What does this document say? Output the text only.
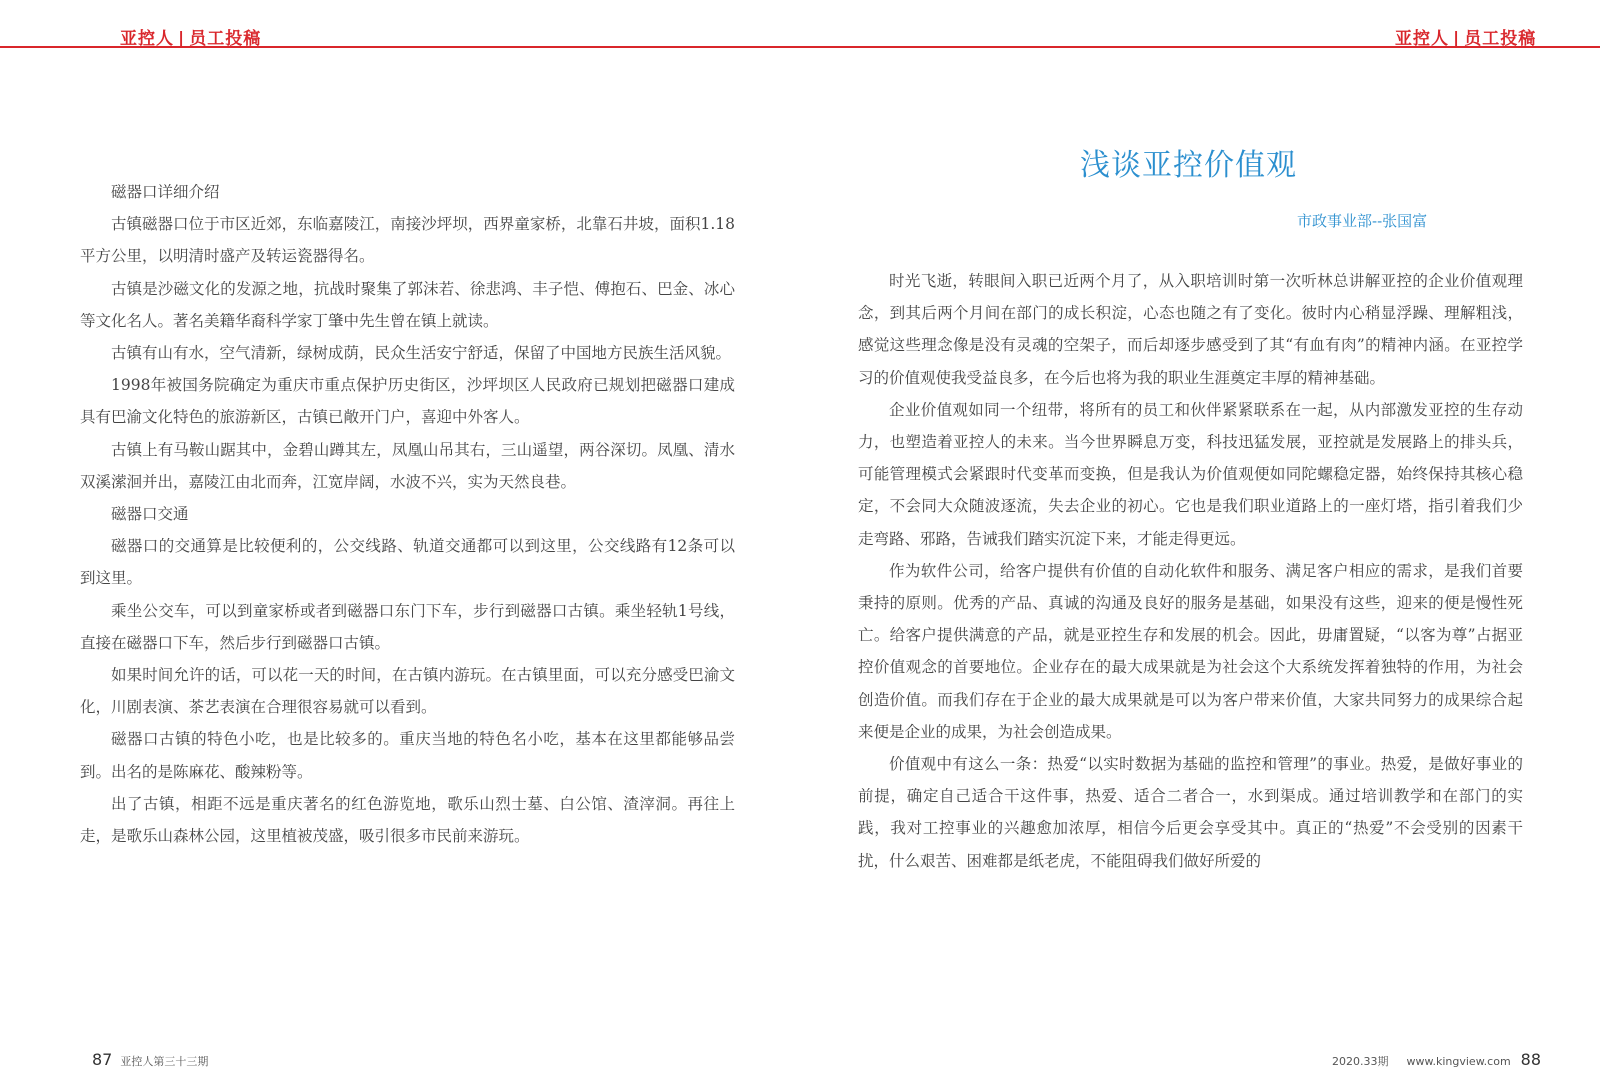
亚控人 | 员工投稿	亚控人 | 员工投稿

磁器口详细介绍

古镇磁器口位于市区近郊，东临嘉陵江，南接沙坪坝，西界童家桥，北靠石井坡，面积1.18平方公里，以明清时盛产及转运瓷器得名。

古镇是沙磁文化的发源之地，抗战时聚集了郭沫若、徐悲鸿、丰子恺、傅抱石、巴金、冰心等文化名人。著名美籍华裔科学家丁肇中先生曾在镇上就读。

古镇有山有水，空气清新，绿树成荫，民众生活安宁舒适，保留了中国地方民族生活风貌。

1998年被国务院确定为重庆市重点保护历史街区，沙坪坝区人民政府已规划把磁器口建成具有巴渝文化特色的旅游新区，古镇已敞开门户，喜迎中外客人。

古镇上有马鞍山踞其中，金碧山蹲其左，凤凰山吊其右，三山遥望，两谷深切。凤凰、清水双溪潆洄并出，嘉陵江由北而奔，江宽岸阔，水波不兴，实为天然良巷。

磁器口交通

磁器口的交通算是比较便利的，公交线路、轨道交通都可以到这里，公交线路有12条可以到这里。

乘坐公交车，可以到童家桥或者到磁器口东门下车，步行到磁器口古镇。乘坐轻轨1号线，直接在磁器口下车，然后步行到磁器口古镇。

如果时间允许的话，可以花一天的时间，在古镇内游玩。在古镇里面，可以充分感受巴渝文化，川剧表演、茶艺表演在合理很容易就可以看到。

磁器口古镇的特色小吃，也是比较多的。重庆当地的特色名小吃，基本在这里都能够品尝到。出名的是陈麻花、酸辣粉等。

出了古镇，相距不远是重庆著名的红色游览地，歌乐山烈士墓、白公馆、渣滓洞。再往上走，是歌乐山森林公园，这里植被茂盛，吸引很多市民前来游玩。

浅谈亚控价值观
市政事业部--张国富

时光飞逝，转眼间入职已近两个月了，从入职培训时第一次听林总讲解亚控的企业价值观理念，到其后两个月间在部门的成长积淀，心态也随之有了变化。彼时内心稍显浮躁、理解粗浅，感觉这些理念像是没有灵魂的空架子，而后却逐步感受到了其“有血有肉”的精神内涵。在亚控学习的价值观使我受益良多，在今后也将为我的职业生涯奠定丰厚的精神基础。

企业价值观如同一个纽带，将所有的员工和伙伴紧紧联系在一起，从内部激发亚控的生存动力，也塑造着亚控人的未来。当今世界瞬息万变，科技迅猛发展，亚控就是发展路上的排头兵，可能管理模式会紧跟时代变革而变换，但是我认为价值观便如同陀螺稳定器，始终保持其核心稳定，不会同大众随波逐流，失去企业的初心。它也是我们职业道路上的一座灯塔，指引着我们少走弯路、邪路，告诫我们踏实沉淀下来，才能走得更远。

作为软件公司，给客户提供有价值的自动化软件和服务、满足客户相应的需求，是我们首要秉持的原则。优秀的产品、真诚的沟通及良好的服务是基础，如果没有这些，迎来的便是慢性死亡。给客户提供满意的产品，就是亚控生存和发展的机会。因此，毋庸置疑，“以客为尊”占据亚控价值观念的首要地位。企业存在的最大成果就是为社会这个大系统发挥着独特的作用，为社会创造价值。而我们存在于企业的最大成果就是可以为客户带来价值，大家共同努力的成果综合起来便是企业的成果，为社会创造成果。

价值观中有这么一条：热爱“以实时数据为基础的监控和管理”的事业。热爱，是做好事业的前提，确定自己适合干这件事，热爱、适合二者合一，水到渠成。通过培训教学和在部门的实践，我对工控事业的兴趣愈加浓厚，相信今后更会享受其中。真正的“热爱”不会受别的因素干扰，什么艰苦、困难都是纸老虎，不能阻碍我们做好所爱的

87 亚控人第三十三期	2020.33期 www.kingview.com 88
